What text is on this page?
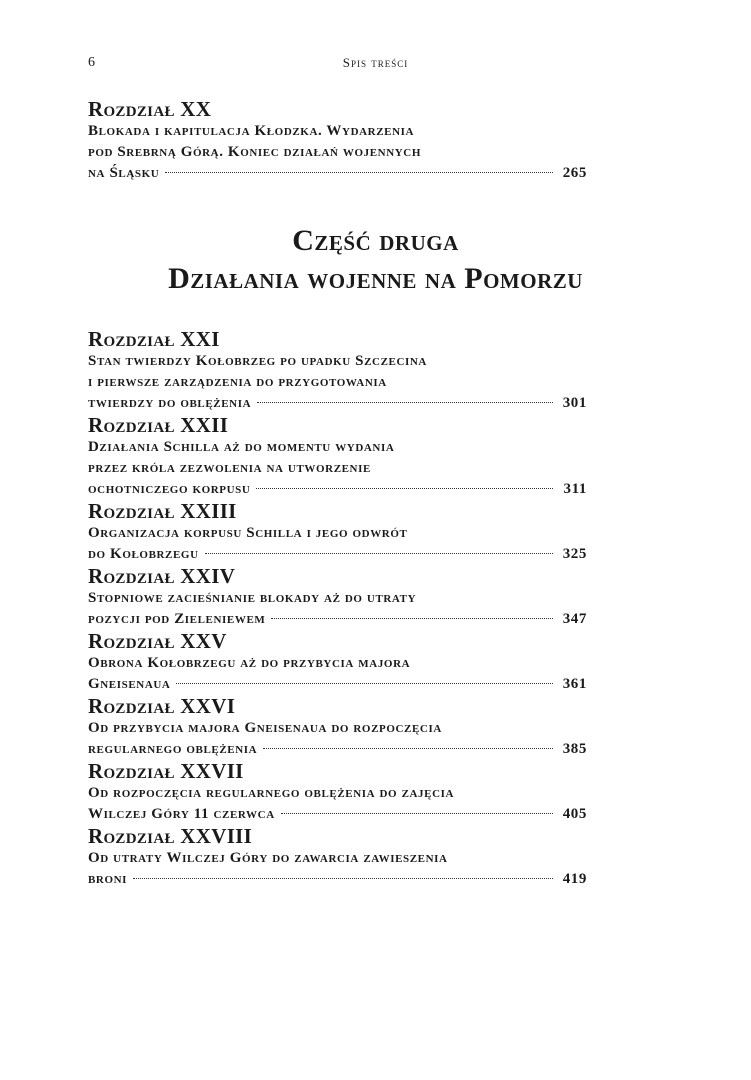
6	Spis treści
Rozdział XX
Blokada i kapitulacja Kłodzka. Wydarzenia
pod Srebrną Górą. Koniec działań wojennych
na Śląsku	265
Część druga
Działania wojenne na Pomorzu
Rozdział XXI
Stan twierdzy Kołobrzeg po upadku Szczecina
i pierwsze zarządzenia do przygotowania
twierdzy do oblężenia	301
Rozdział XXII
Działania Schilla aż do momentu wydania
przez króla zezwolenia na utworzenie
ochotniczego korpusu	311
Rozdział XXIII
Organizacja korpusu Schilla i jego odwrót
do Kołobrzegu	325
Rozdział XXIV
Stopniowe zacieśnianie blokady aż do utraty
pozycji pod Zieleniewem	347
Rozdział XXV
Obrona Kołobrzegu aż do przybycia majora
Gneisenaua	361
Rozdział XXVI
Od przybycia majora Gneisenaua do rozpoczęcia
regularnego oblężenia	385
Rozdział XXVII
Od rozpoczęcia regularnego oblężenia do zajęcia
Wilczej Góry 11 czerwca	405
Rozdział XXVIII
Od utraty Wilczej Góry do zawarcia zawieszenia
broni	419
